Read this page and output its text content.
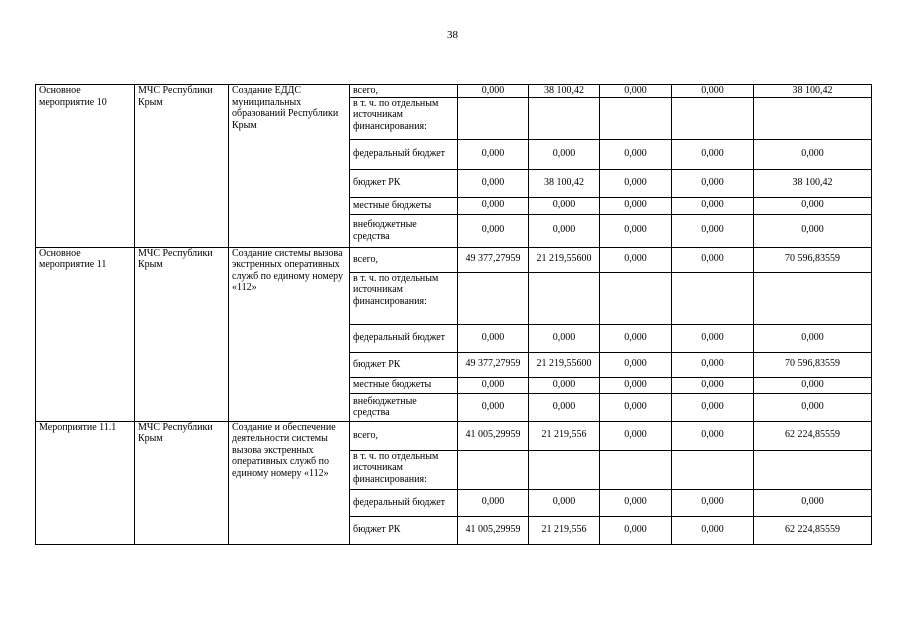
38
Основное мероприятие 10	МЧС Республики Крым	Создание ЕДДС муниципальных образований Республики Крым	всего,	0,000	38 100,42	0,000	0,000	38 100,42
			в т. ч. по отдельным источникам финансирования:					
			федеральный бюджет	0,000	0,000	0,000	0,000	0,000
			бюджет РК	0,000	38 100,42	0,000	0,000	38 100,42
			местные бюджеты	0,000	0,000	0,000	0,000	0,000
			внебюджетные средства	0,000	0,000	0,000	0,000	0,000
Основное мероприятие 11	МЧС Республики Крым	Создание системы вызова экстренных оперативных служб по единому номеру «112»	всего,	49 377,27959	21 219,55600	0,000	0,000	70 596,83559
			в т. ч. по отдельным источникам финансирования:					
			федеральный бюджет	0,000	0,000	0,000	0,000	0,000
			бюджет РК	49 377,27959	21 219,55600	0,000	0,000	70 596,83559
			местные бюджеты	0,000	0,000	0,000	0,000	0,000
			внебюджетные средства	0,000	0,000	0,000	0,000	0,000
Мероприятие 11.1	МЧС Республики Крым	Создание и обеспечение деятельности системы вызова экстренных оперативных служб по единому номеру «112»	всего,	41 005,29959	21 219,556	0,000	0,000	62 224,85559
			в т. ч. по отдельным источникам финансирования:					
			федеральный бюджет	0,000	0,000	0,000	0,000	0,000
			бюджет РК	41 005,29959	21 219,556	0,000	0,000	62 224,85559
